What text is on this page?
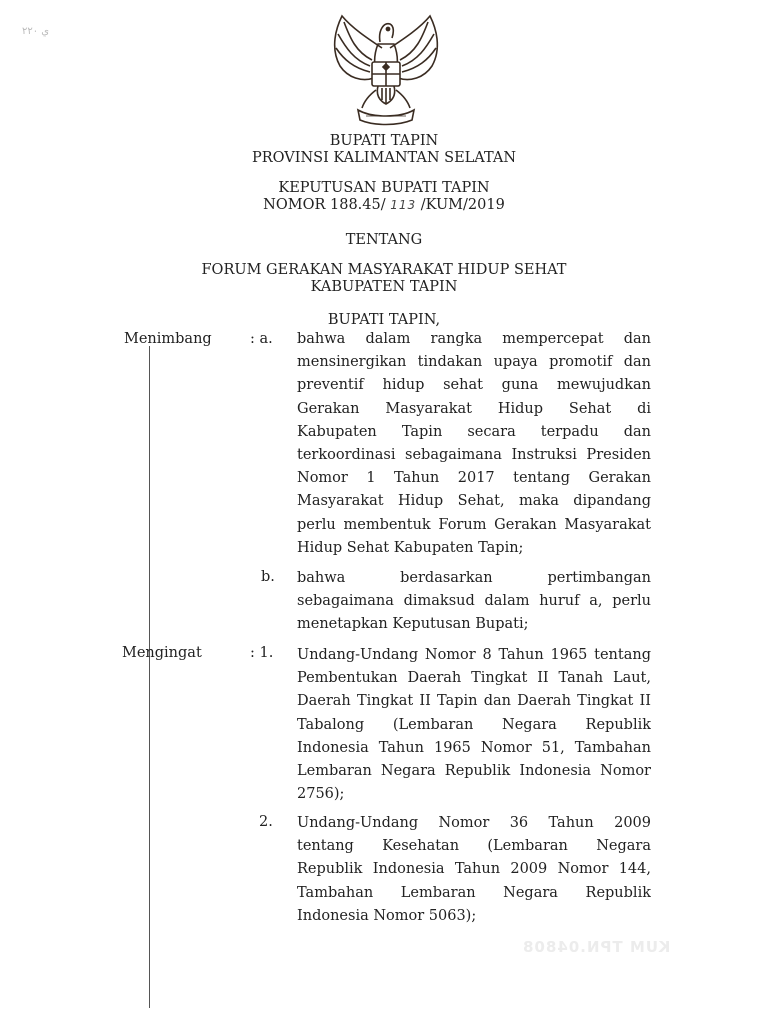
ي ٢٢٠
BUPATI TAPIN
PROVINSI KALIMANTAN SELATAN
KEPUTUSAN BUPATI TAPIN
NOMOR 188.45/ 113 /KUM/2019
TENTANG
FORUM GERAKAN MASYARAKAT HIDUP SEHAT
KABUPATEN TAPIN
BUPATI TAPIN,
Menimbang	: a. bahwa dalam rangka mempercepat dan
mensinergikan tindakan upaya promotif dan
preventif hidup sehat guna mewujudkan
Gerakan Masyarakat Hidup Sehat di
Kabupaten Tapin secara terpadu dan
terkoordinasi sebagaimana Instruksi Presiden
Nomor 1 Tahun 2017 tentang Gerakan
Masyarakat Hidup Sehat, maka dipandang
perlu membentuk Forum Gerakan Masyarakat
Hidup Sehat Kabupaten Tapin;
b. bahwa berdasarkan pertimbangan
sebagaimana dimaksud dalam huruf a, perlu
menetapkan Keputusan Bupati;
Mengingat	: 1. Undang-Undang Nomor 8 Tahun 1965 tentang
Pembentukan Daerah Tingkat II Tanah Laut,
Daerah Tingkat II Tapin dan Daerah Tingkat II
Tabalong (Lembaran Negara Republik
Indonesia Tahun 1965 Nomor 51, Tambahan
Lembaran Negara Republik Indonesia Nomor
2756);
2. Undang-Undang Nomor 36 Tahun 2009
tentang Kesehatan (Lembaran Negara
Republik Indonesia Tahun 2009 Nomor 144,
Tambahan Lembaran Negara Republik
Indonesia Nomor 5063);
KUM TPN.04808
